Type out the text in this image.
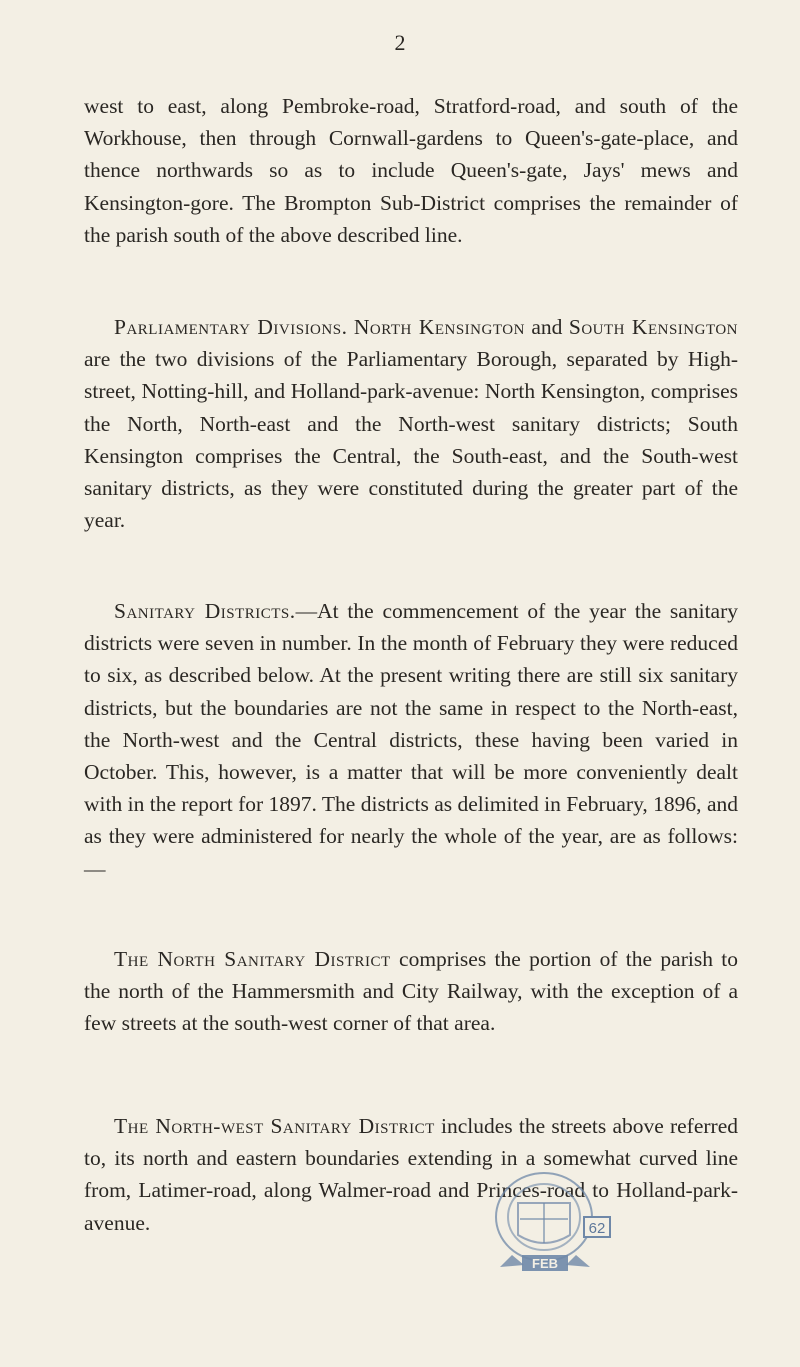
2

west to east, along Pembroke-road, Stratford-road, and south of the Workhouse, then through Cornwall-gardens to Queen's-gate-place, and thence northwards so as to include Queen's-gate, Jays' mews and Kensington-gore. The Brompton Sub-District comprises the remainder of the parish south of the above described line.

Parliamentary Divisions. North Kensington and South Kensington are the two divisions of the Parliamentary Borough, separated by High-street, Notting-hill, and Holland-park-avenue: North Kensington, comprises the North, North-east and the North-west sanitary districts; South Kensington comprises the Central, the South-east, and the South-west sanitary districts, as they were constituted during the greater part of the year.

Sanitary Districts.—At the commencement of the year the sanitary districts were seven in number. In the month of February they were reduced to six, as described below. At the present writing there are still six sanitary districts, but the boundaries are not the same in respect to the North-east, the North-west and the Central districts, these having been varied in October. This, however, is a matter that will be more conveniently dealt with in the report for 1897. The districts as delimited in February, 1896, and as they were administered for nearly the whole of the year, are as follows:—

The North Sanitary District comprises the portion of the parish to the north of the Hammersmith and City Railway, with the exception of a few streets at the south-west corner of that area.

The North-west Sanitary District includes the streets above referred to, its north and eastern boundaries extending in a somewhat curved line from, Latimer-road, along Walmer-road and Princes-road to Holland-park-avenue.	62
FEB
